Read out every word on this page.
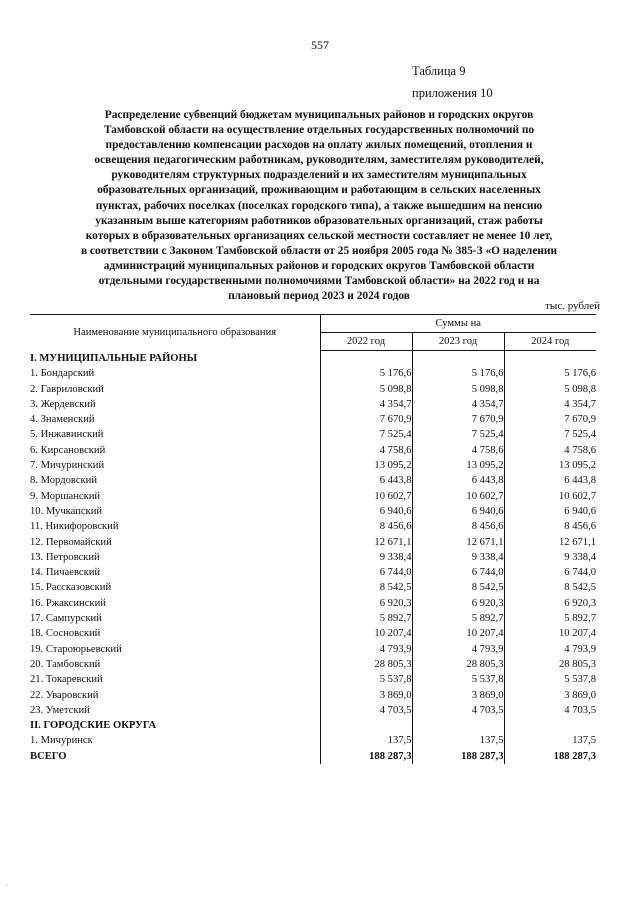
557
Таблица 9
приложения 10
Распределение субвенций бюджетам муниципальных районов и городских округов
Тамбовской области на осуществление отдельных государственных полномочий по
предоставлению компенсации расходов на оплату жилых помещений, отопления и
освещения педагогическим работникам, руководителям, заместителям руководителей,
руководителям структурных подразделений и их заместителям муниципальных
образовательных организаций, проживающим и работающим в сельских населенных
пунктах, рабочих поселках (поселках городского типа), а также вышедшим на пенсию
указанным выше категориям работников образовательных организаций, стаж работы
которых в образовательных организациях сельской местности составляет не менее 10 лет,
в соответствии с Законом Тамбовской области от 25 ноября 2005 года № 385-З «О наделении
администраций муниципальных районов и городских округов Тамбовской области
отдельными государственными полномочиями Тамбовской области» на 2022 год и на
плановый период 2023 и 2024 годов
тыс. рублей
Наименование муниципального образования	Суммы на		
	2022 год	2023 год	2024 год
I. МУНИЦИПАЛЬНЫЕ РАЙОНЫ			
1. Бондарский	5 176,6	5 176,6	5 176,6
2. Гавриловский	5 098,8	5 098,8	5 098,8
3. Жердевский	4 354,7	4 354,7	4 354,7
4. Знаменский	7 670,9	7 670,9	7 670,9
5. Инжавинский	7 525,4	7 525,4	7 525,4
6. Кирсановский	4 758,6	4 758,6	4 758,6
7. Мичуринский	13 095,2	13 095,2	13 095,2
8. Мордовский	6 443,8	6 443,8	6 443,8
9. Моршанский	10 602,7	10 602,7	10 602,7
10. Мучкапский	6 940,6	6 940,6	6 940,6
11. Никифоровский	8 456,6	8 456,6	8 456,6
12. Первомайский	12 671,1	12 671,1	12 671,1
13. Петровский	9 338,4	9 338,4	9 338,4
14. Пичаевский	6 744,0	6 744,0	6 744,0
15. Рассказовский	8 542,5	8 542,5	8 542,5
16. Ржаксинский	6 920,3	6 920,3	6 920,3
17. Сампурский	5 892,7	5 892,7	5 892,7
18. Сосновский	10 207,4	10 207,4	10 207,4
19. Староюрьевский	4 793,9	4 793,9	4 793,9
20. Тамбовский	28 805,3	28 805,3	28 805,3
21. Токаревский	5 537,8	5 537,8	5 537,8
22. Уваровский	3 869,0	3 869,0	3 869,0
23. Уметский	4 703,5	4 703,5	4 703,5
II. ГОРОДСКИЕ ОКРУГА			
1. Мичуринск	137,5	137,5	137,5
ВСЕГО	188 287,3	188 287,3	188 287,3
.
